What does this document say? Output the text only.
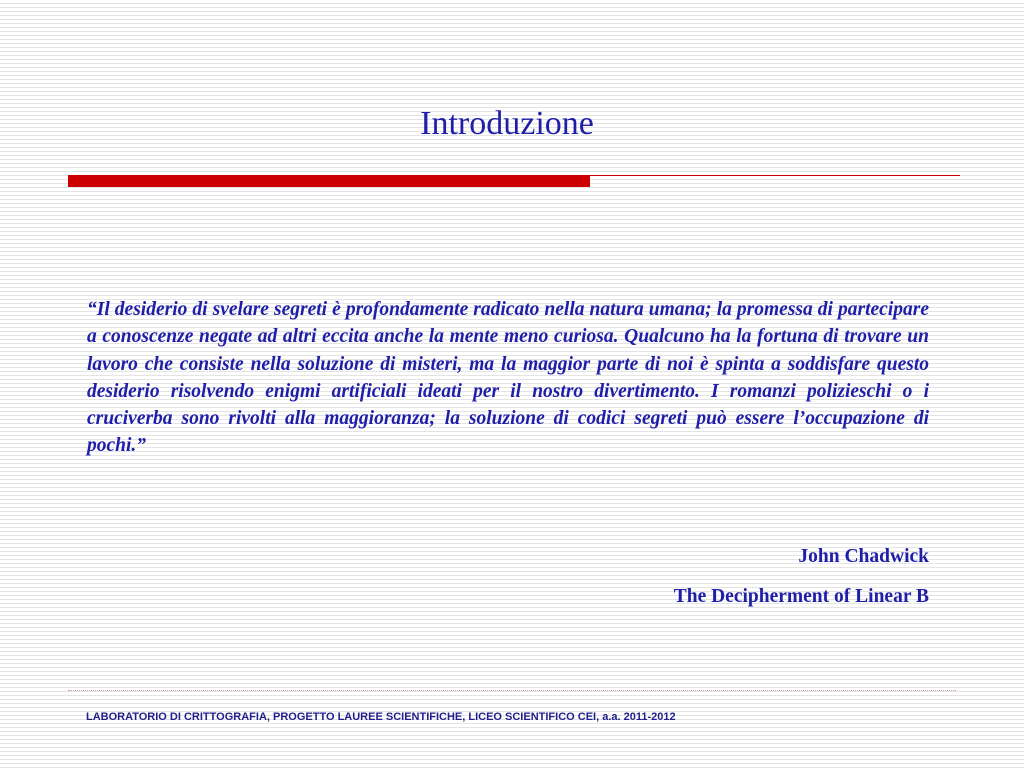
Introduzione

“Il desiderio di svelare segreti è profondamente radicato nella natura umana; la promessa di partecipare a conoscenze negate ad altri eccita anche la mente meno curiosa. Qualcuno ha la fortuna di trovare un lavoro che consiste nella soluzione di misteri, ma la maggior parte di noi è spinta a soddisfare questo desiderio risolvendo enigmi artificiali ideati per il nostro divertimento. I romanzi polizieschi o i cruciverba sono rivolti alla maggioranza; la soluzione di codici segreti può essere l’occupazione di pochi.”

John Chadwick
The Decipherment of Linear B
LABORATORIO DI CRITTOGRAFIA, PROGETTO LAUREE SCIENTIFICHE, LICEO SCIENTIFICO CEI, a.a. 2011-2012
